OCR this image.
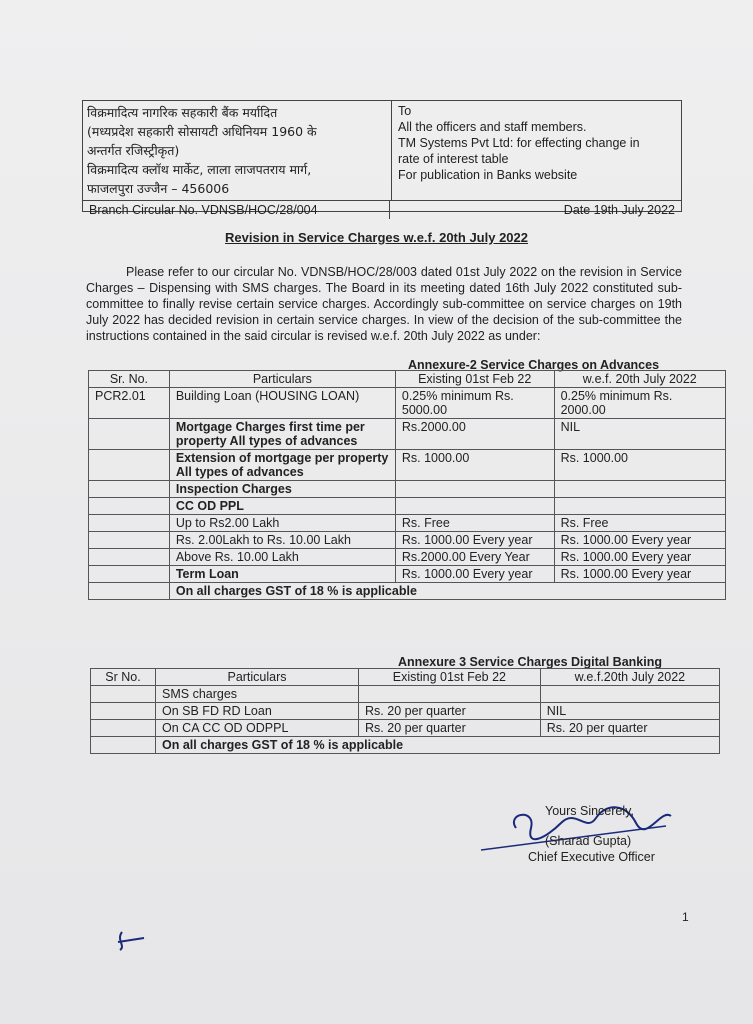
विक्रमादित्य नागरिक सहकारी बैंक मर्यादित
(मध्यप्रदेश सहकारी सोसायटी अधिनियम 1960 के
अन्तर्गत रजिस्ट्रीकृत)
विक्रमादित्य क्लॉथ मार्केट, लाला लाजपतराय मार्ग,
फाजलपुरा उज्जैन – 456006
To
All the officers and staff members.
TM Systems Pvt Ltd: for effecting change in
rate of interest table
For publication in Banks website
Branch Circular No. VDNSB/HOC/28/004	Date 19th July 2022
Revision in Service Charges w.e.f. 20th July 2022
Please refer to our circular No. VDNSB/HOC/28/003 dated 01st July 2022 on the revision in Service Charges – Dispensing with SMS charges. The Board in its meeting dated 16th July 2022 constituted sub-committee to finally revise certain service charges. Accordingly sub-committee on service charges on 19th July 2022 has decided revision in certain service charges. In view of the decision of the sub-committee the instructions contained in the said circular is revised w.e.f. 20th July 2022 as under:
Annexure-2 Service Charges on Advances
Sr. No.	Particulars	Existing 01st Feb 22	w.e.f. 20th July 2022
PCR2.01	Building Loan (HOUSING LOAN)	0.25% minimum Rs. 5000.00	0.25% minimum Rs. 2000.00
	Mortgage Charges first time per property All types of advances	Rs.2000.00	NIL
	Extension of mortgage per property All types of advances	Rs. 1000.00	Rs. 1000.00
	Inspection Charges		
	CC OD PPL		
	Up to Rs2.00 Lakh	Rs. Free	Rs. Free
	Rs. 2.00Lakh to Rs. 10.00 Lakh	Rs. 1000.00 Every year	Rs. 1000.00 Every year
	Above Rs. 10.00 Lakh	Rs.2000.00 Every Year	Rs. 1000.00 Every year
	Term Loan	Rs. 1000.00 Every year	Rs. 1000.00 Every year
	On all charges GST of 18 % is applicable		
Annexure 3 Service Charges Digital Banking
Sr No.	Particulars	Existing 01st Feb 22	w.e.f.20th July 2022
	SMS charges		
	On SB FD RD Loan	Rs. 20 per quarter	NIL
	On CA CC OD ODPPL	Rs. 20 per quarter	Rs. 20 per quarter
	On all charges GST of 18 % is applicable		
Yours Sincerely,
(Sharad Gupta)
Chief Executive Officer
1
